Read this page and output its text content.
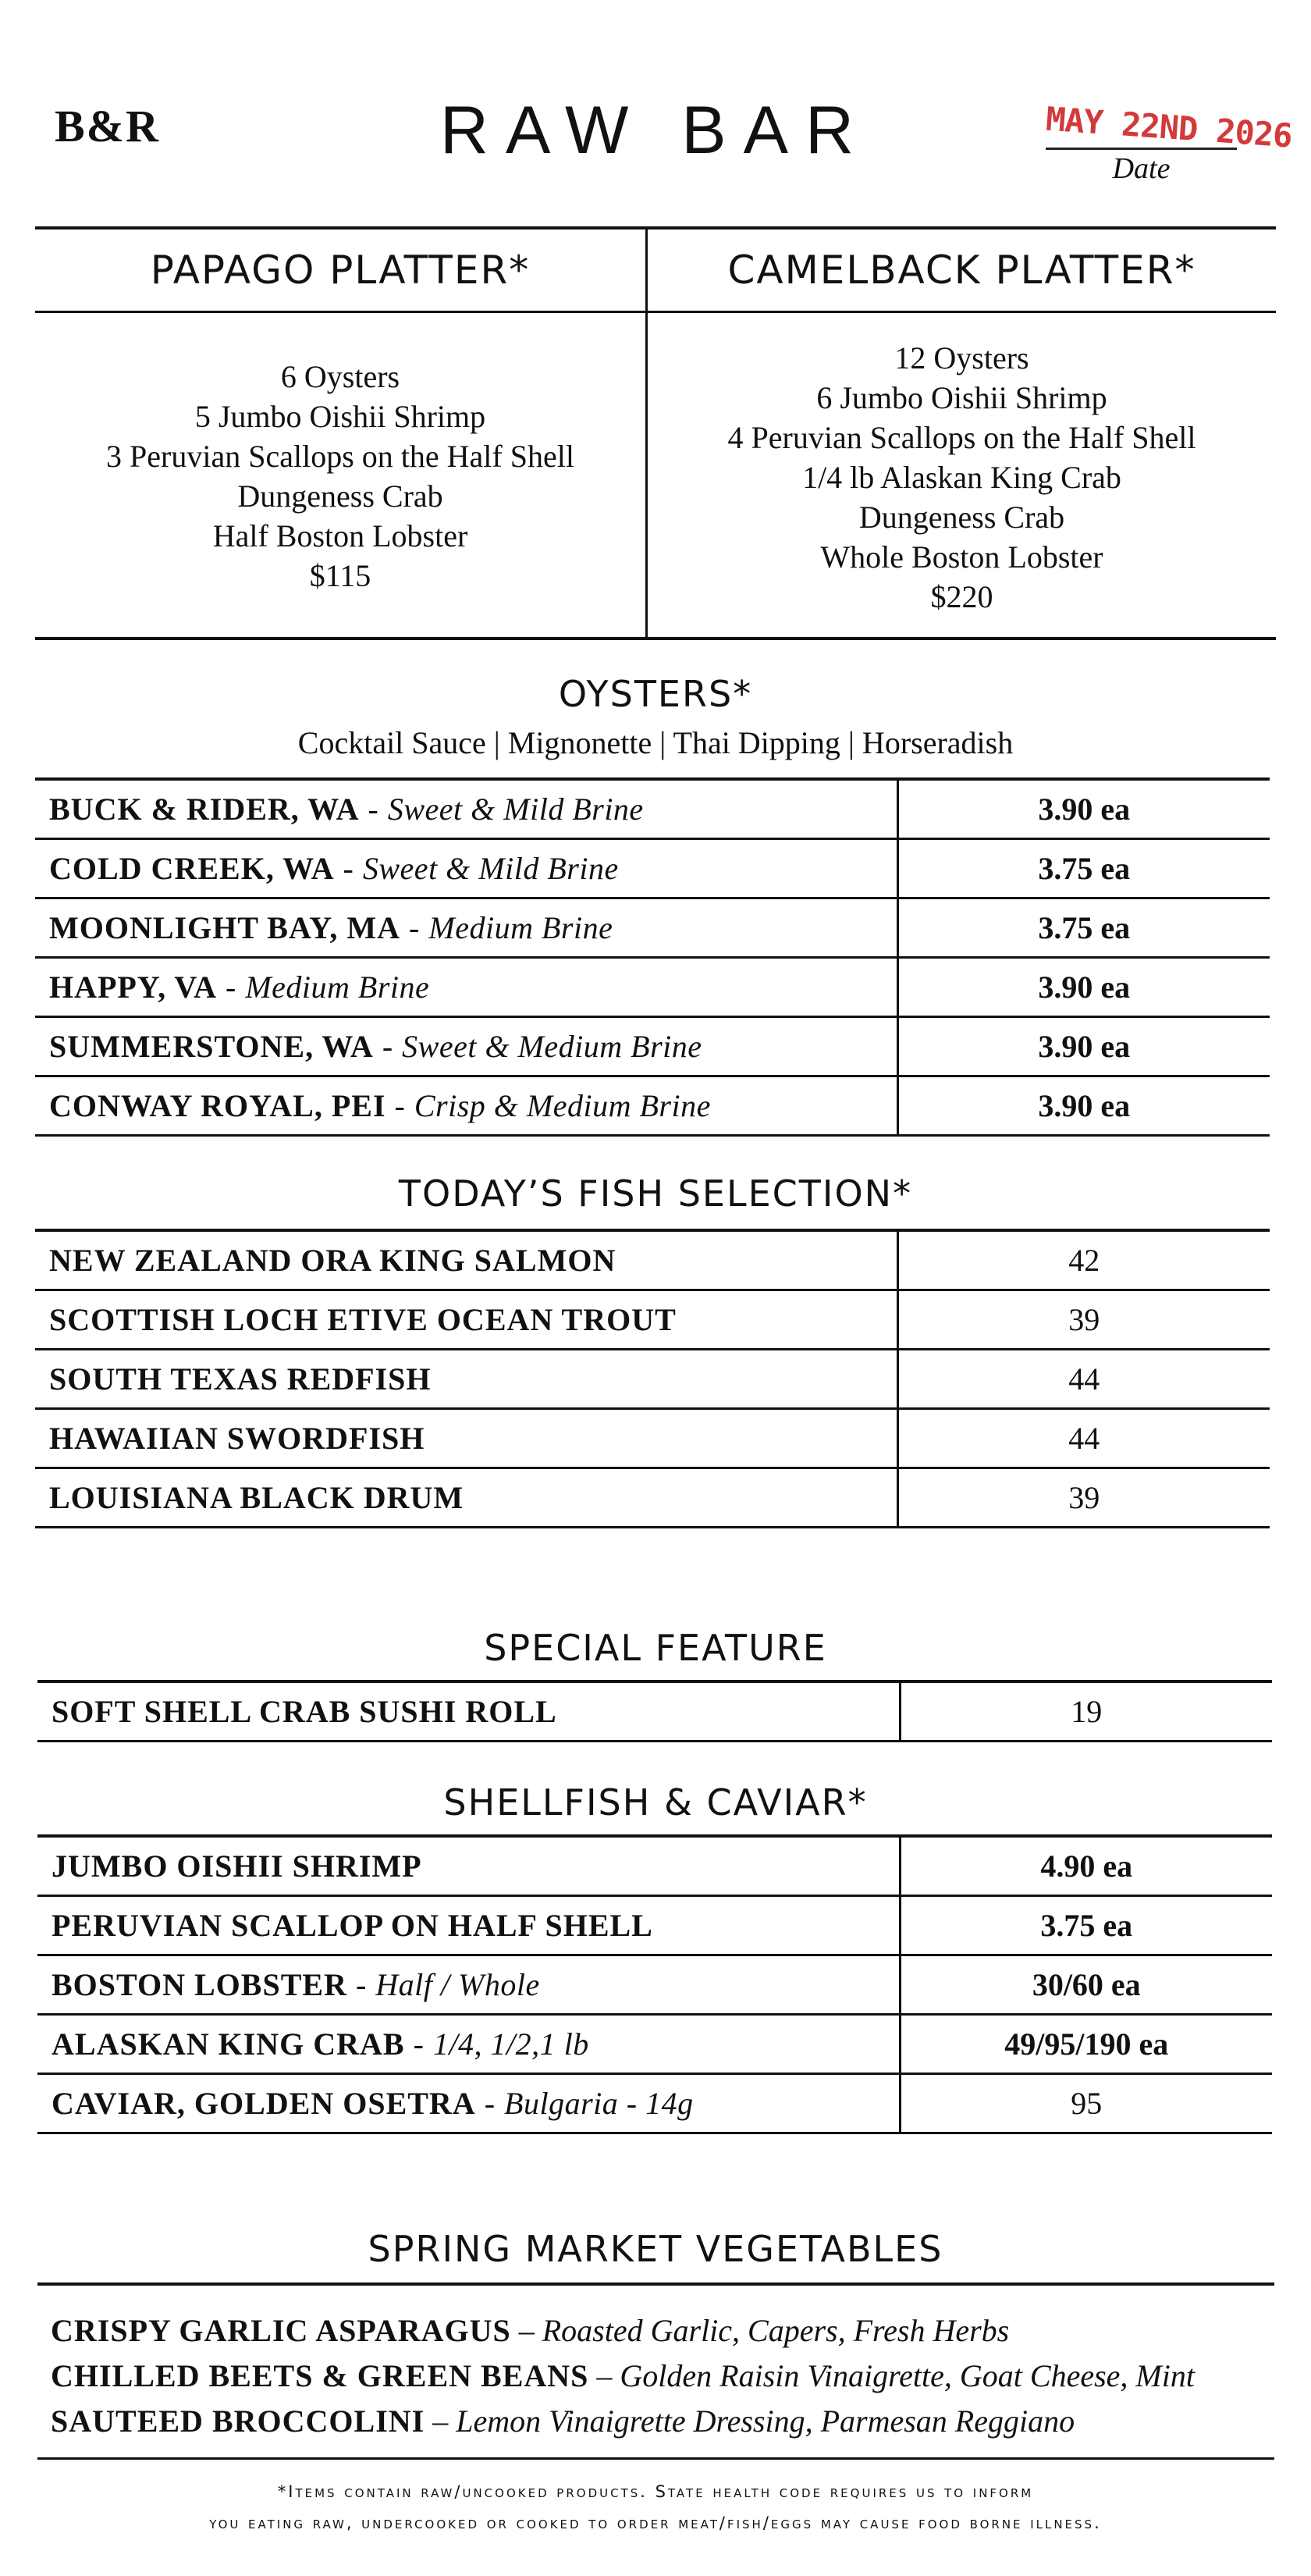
B&R	RAW BAR	MAY 22ND 2026
Date
PAPAGO PLATTER*
6 Oysters
5 Jumbo Oishii Shrimp
3 Peruvian Scallops on the Half Shell
Dungeness Crab
Half Boston Lobster
$115
CAMELBACK PLATTER*
12 Oysters
6 Jumbo Oishii Shrimp
4 Peruvian Scallops on the Half Shell
1/4 lb Alaskan King Crab
Dungeness Crab
Whole Boston Lobster
$220
OYSTERS*
Cocktail Sauce | Mignonette | Thai Dipping | Horseradish
BUCK & RIDER, WA - Sweet & Mild Brine	3.90 ea
COLD CREEK, WA - Sweet & Mild Brine	3.75 ea
MOONLIGHT BAY, MA - Medium Brine	3.75 ea
HAPPY, VA - Medium Brine	3.90 ea
SUMMERSTONE, WA - Sweet & Medium Brine	3.90 ea
CONWAY ROYAL, PEI - Crisp & Medium Brine	3.90 ea
TODAY’S FISH SELECTION*
NEW ZEALAND ORA KING SALMON	42
SCOTTISH LOCH ETIVE OCEAN TROUT	39
SOUTH TEXAS REDFISH	44
HAWAIIAN SWORDFISH	44
LOUISIANA BLACK DRUM	39
SPECIAL FEATURE
SOFT SHELL CRAB SUSHI ROLL	19
SHELLFISH & CAVIAR*
JUMBO OISHII SHRIMP	4.90 ea
PERUVIAN SCALLOP ON HALF SHELL	3.75 ea
BOSTON LOBSTER - Half / Whole	30/60 ea
ALASKAN KING CRAB - 1/4, 1/2,1 lb	49/95/190 ea
CAVIAR, GOLDEN OSETRA - Bulgaria - 14g	95
SPRING MARKET VEGETABLES
CRISPY GARLIC ASPARAGUS – Roasted Garlic, Capers, Fresh Herbs
CHILLED BEETS & GREEN BEANS – Golden Raisin Vinaigrette, Goat Cheese, Mint
SAUTEED BROCCOLINI – Lemon Vinaigrette Dressing, Parmesan Reggiano
*Items contain raw/uncooked products. State health code requires us to inform
you eating raw, undercooked or cooked to order meat/fish/eggs may cause food borne illness.
